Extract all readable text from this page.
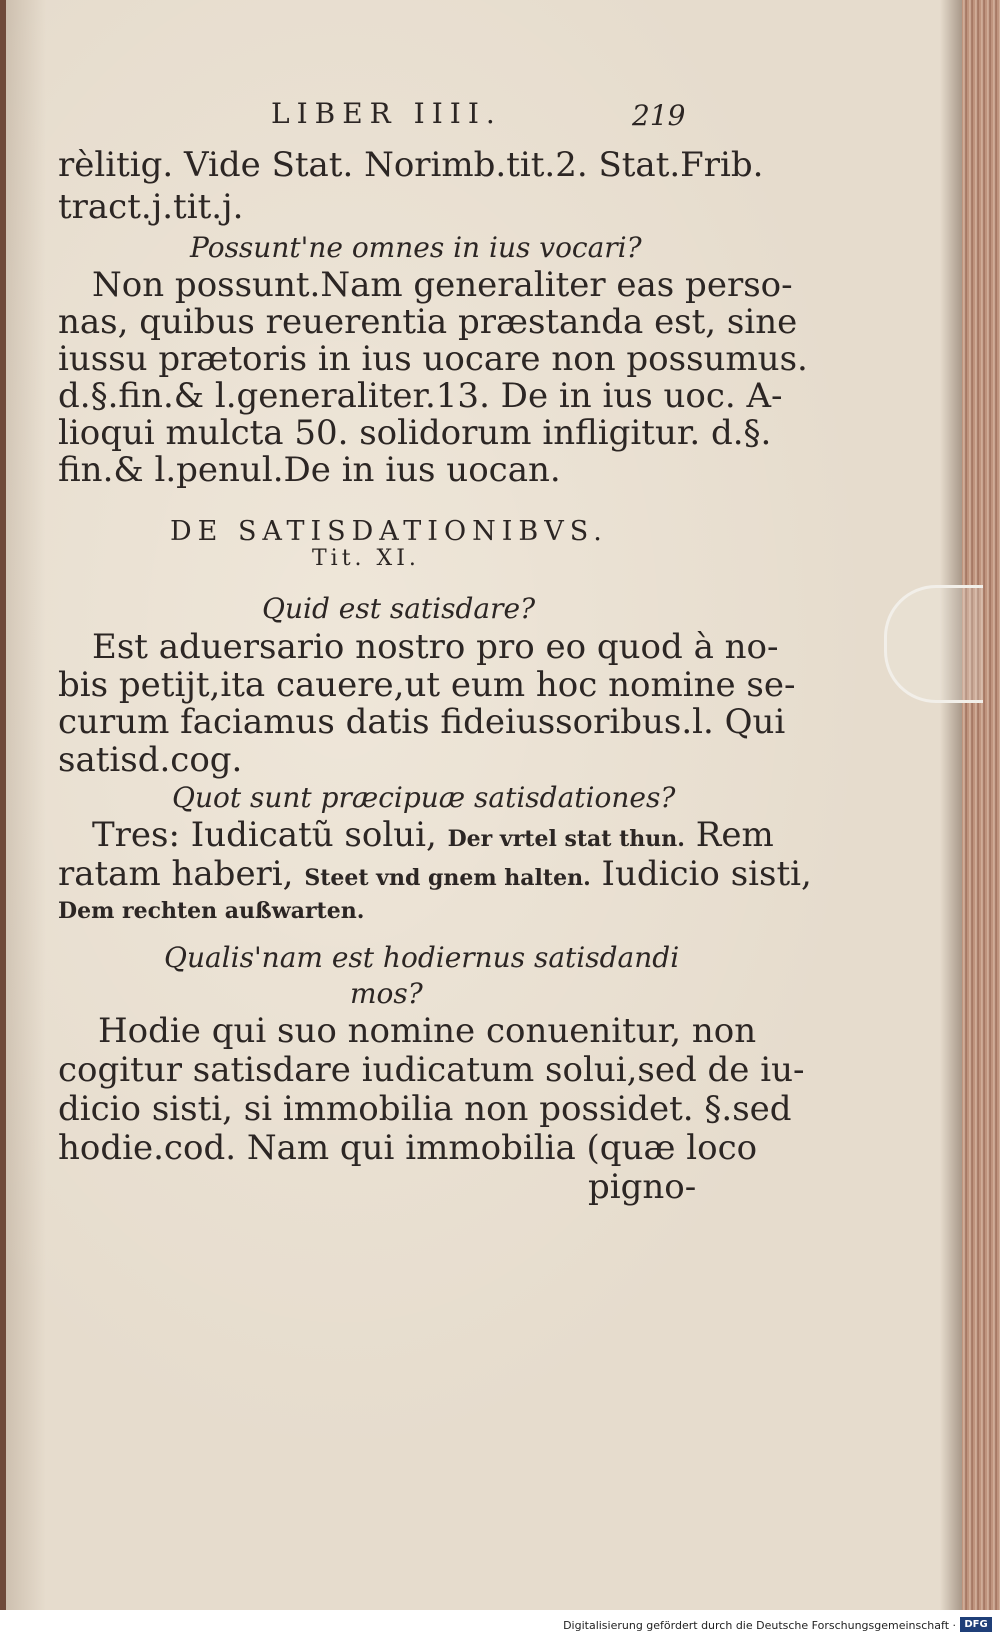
LIBER IIII.	219

rèlitig. Vide Stat. Norimb.tit.2. Stat.Frib.

tract.j.tit.j.

Possunt'ne omnes in ius vocari?

Non possunt.Nam generaliter eas perso-

nas, quibus reuerentia præstanda est, sine

iussu prætoris in ius uocare non possumus.

d.§.fin.& l.generaliter.13. De in ius uoc. A-

lioqui mulcta 50. solidorum infligitur. d.§.

fin.& l.penul.De in ius uocan.

DE SATISDATIONIBVS.

Tit. XI.

Quid est satisdare?

Est aduersario nostro pro eo quod à no-

bis petijt,ita cauere,ut eum hoc nomine se-

curum faciamus datis fideiussoribus.l. Qui

satisd.cog.

Quot sunt præcipuæ satisdationes?

Tres: Iudicatũ solui, Der vrtel stat thun. Rem

ratam haberi, Steet vnd gnem halten. Iudicio sisti,

Dem rechten außwarten.

Qualis'nam est hodiernus satisdandi

mos?

Hodie qui suo nomine conuenitur, non

cogitur satisdare iudicatum solui,sed de iu-

dicio sisti, si immobilia non possidet. §.sed

hodie.cod. Nam qui immobilia (quæ loco

pigno-

Digitalisierung gefördert durch die Deutsche Forschungsgemeinschaft · DFG
